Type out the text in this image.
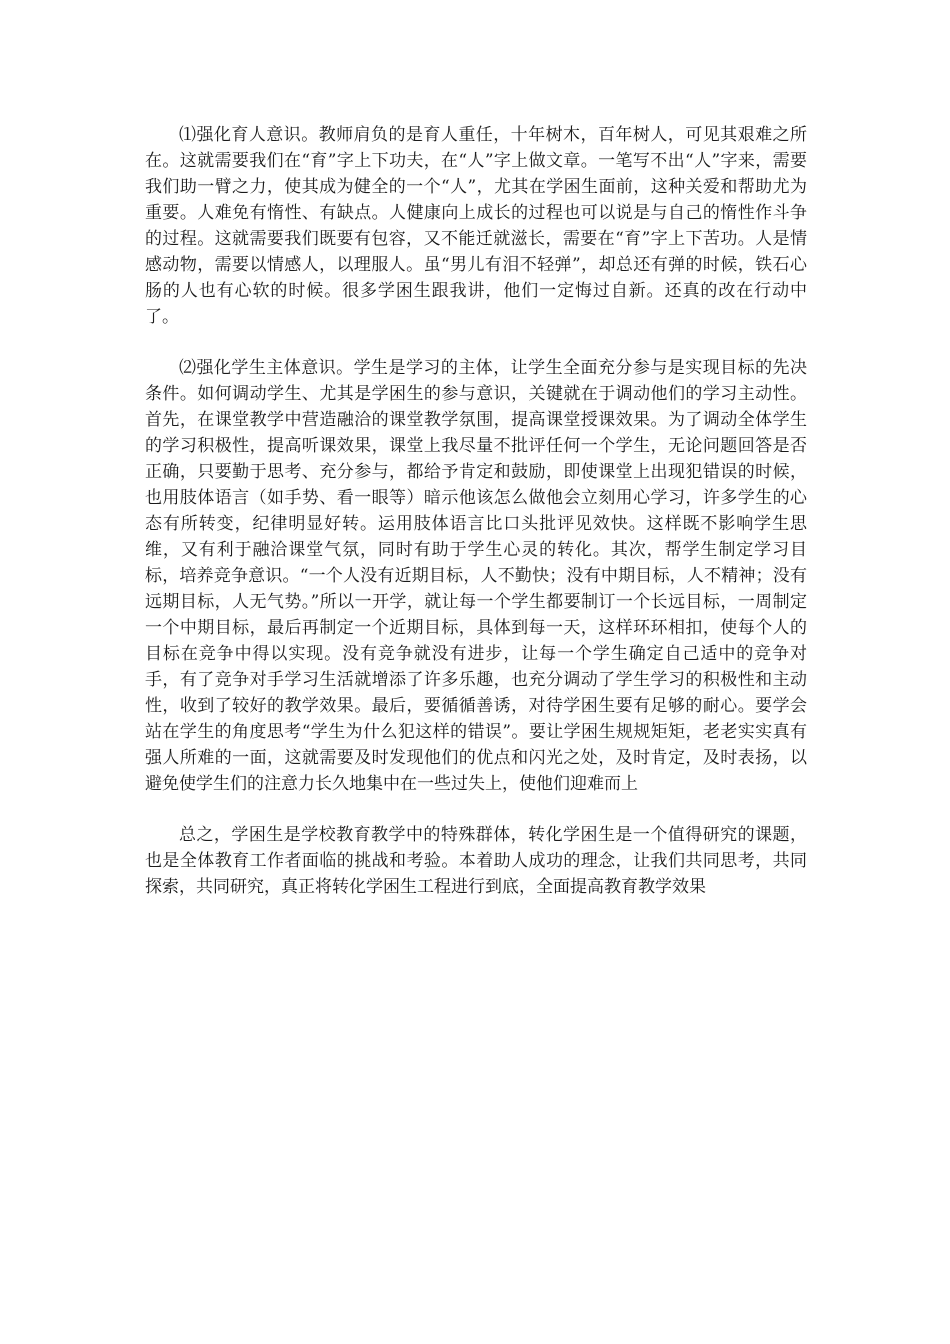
⑴强化育人意识。教师肩负的是育人重任，十年树木，百年树人，可见其艰难之所在。这就需要我们在“育”字上下功夫，在“人”字上做文章。一笔写不出“人”字来，需要我们助一臂之力，使其成为健全的一个“人”，尤其在学困生面前，这种关爱和帮助尤为重要。人难免有惰性、有缺点。人健康向上成长的过程也可以说是与自己的惰性作斗争的过程。这就需要我们既要有包容，又不能迁就滋长，需要在“育”字上下苦功。人是情感动物，需要以情感人，以理服人。虽“男儿有泪不轻弹”，却总还有弹的时候，铁石心肠的人也有心软的时候。很多学困生跟我讲，他们一定悔过自新。还真的改在行动中了。

⑵强化学生主体意识。学生是学习的主体，让学生全面充分参与是实现目标的先决条件。如何调动学生、尤其是学困生的参与意识，关键就在于调动他们的学习主动性。首先，在课堂教学中营造融洽的课堂教学氛围，提高课堂授课效果。为了调动全体学生的学习积极性，提高听课效果，课堂上我尽量不批评任何一个学生，无论问题回答是否正确，只要勤于思考、充分参与，都给予肯定和鼓励，即使课堂上出现犯错误的时候，也用肢体语言（如手势、看一眼等）暗示他该怎么做他会立刻用心学习，许多学生的心态有所转变，纪律明显好转。运用肢体语言比口头批评见效快。这样既不影响学生思维，又有利于融洽课堂气氛，同时有助于学生心灵的转化。其次，帮学生制定学习目标，培养竞争意识。“一个人没有近期目标，人不勤快；没有中期目标，人不精神；没有远期目标，人无气势。”所以一开学，就让每一个学生都要制订一个长远目标，一周制定一个中期目标，最后再制定一个近期目标，具体到每一天，这样环环相扣，使每个人的目标在竞争中得以实现。没有竞争就没有进步，让每一个学生确定自己适中的竞争对手，有了竞争对手学习生活就增添了许多乐趣，也充分调动了学生学习的积极性和主动性，收到了较好的教学效果。最后，要循循善诱，对待学困生要有足够的耐心。要学会站在学生的角度思考“学生为什么犯这样的错误”。要让学困生规规矩矩，老老实实真有强人所难的一面，这就需要及时发现他们的优点和闪光之处，及时肯定，及时表扬，以避免使学生们的注意力长久地集中在一些过失上，使他们迎难而上

总之，学困生是学校教育教学中的特殊群体，转化学困生是一个值得研究的课题，也是全体教育工作者面临的挑战和考验。本着助人成功的理念，让我们共同思考，共同探索，共同研究，真正将转化学困生工程进行到底，全面提高教育教学效果
